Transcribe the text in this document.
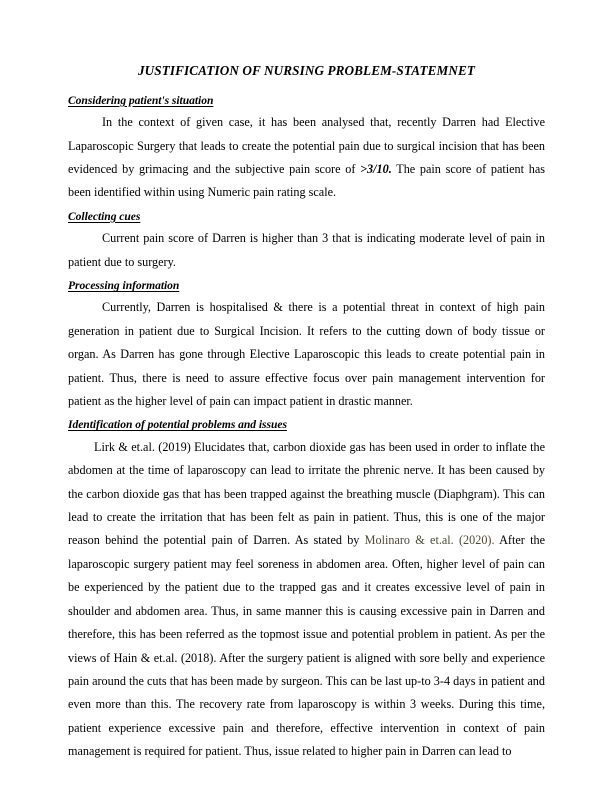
JUSTIFICATION OF NURSING PROBLEM-STATEMNET
Considering patient's situation

In the context of given case, it has been analysed that, recently Darren had Elective Laparoscopic Surgery that leads to create the potential pain due to surgical incision that has been evidenced by grimacing and the subjective pain score of >3/10. The pain score of patient has been identified within using Numeric pain rating scale.

Collecting cues

Current pain score of Darren is higher than 3 that is indicating moderate level of pain in patient due to surgery.

Processing information

Currently, Darren is hospitalised & there is a potential threat in context of high pain generation in patient due to Surgical Incision. It refers to the cutting down of body tissue or organ. As Darren has gone through Elective Laparoscopic this leads to create potential pain in patient. Thus, there is need to assure effective focus over pain management intervention for patient as the higher level of pain can impact patient in drastic manner.

Identification of potential problems and issues

Lirk & et.al. (2019) Elucidates that, carbon dioxide gas has been used in order to inflate the abdomen at the time of laparoscopy can lead to irritate the phrenic nerve. It has been caused by the carbon dioxide gas that has been trapped against the breathing muscle (Diaphgram). This can lead to create the irritation that has been felt as pain in patient. Thus, this is one of the major reason behind the potential pain of Darren. As stated by Molinaro & et.al. (2020). After the laparoscopic surgery patient may feel soreness in abdomen area. Often, higher level of pain can be experienced by the patient due to the trapped gas and it creates excessive level of pain in shoulder and abdomen area. Thus, in same manner this is causing excessive pain in Darren and therefore, this has been referred as the topmost issue and potential problem in patient. As per the views of Hain & et.al. (2018). After the surgery patient is aligned with sore belly and experience pain around the cuts that has been made by surgeon. This can be last up-to 3-4 days in patient and even more than this. The recovery rate from laparoscopy is within 3 weeks. During this time, patient experience excessive pain and therefore, effective intervention in context of pain management is required for patient. Thus, issue related to higher pain in Darren can lead to
